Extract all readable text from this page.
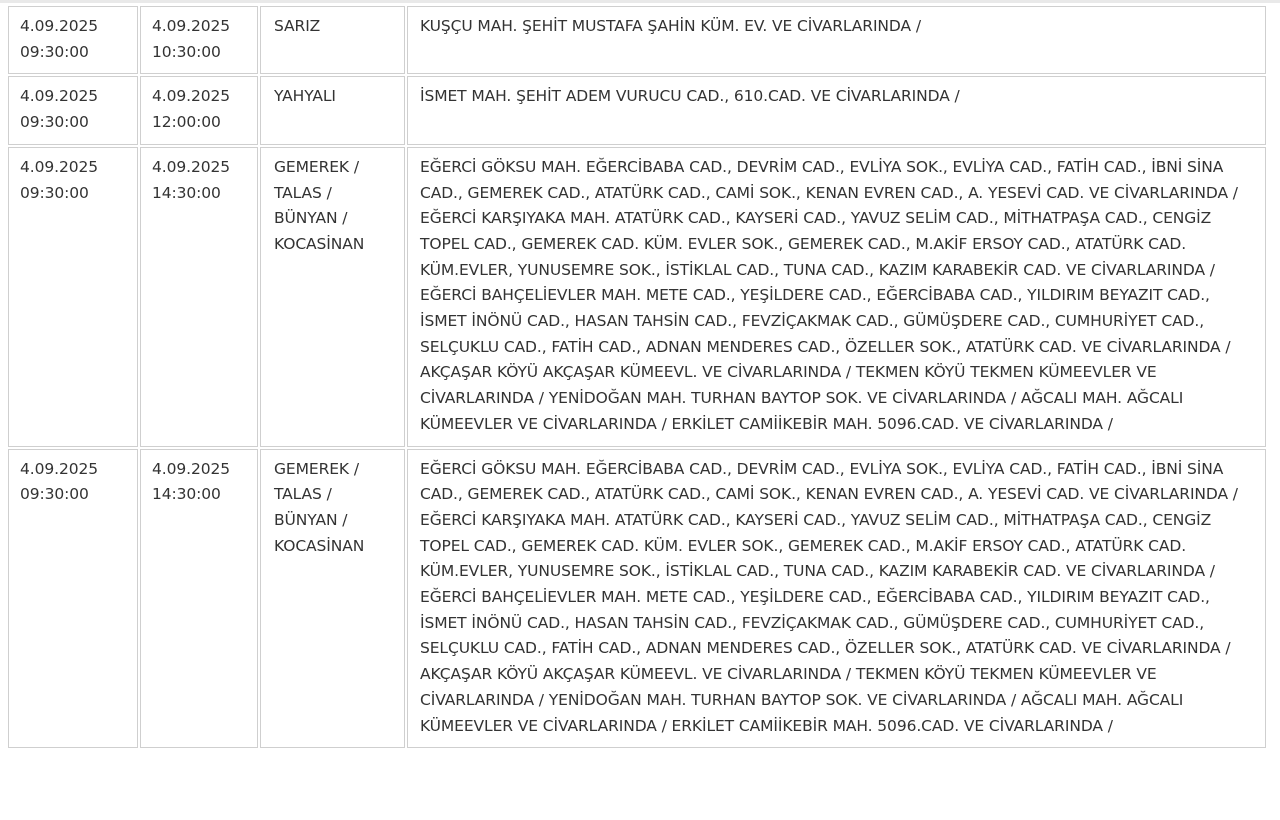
4.09.2025
09:30:00	4.09.2025
10:30:00	SARIZ	KUŞÇU MAH. ŞEHİT MUSTAFA ŞAHİN KÜM. EV. VE CİVARLARINDA /

4.09.2025
09:30:00	4.09.2025
12:00:00	YAHYALI	İSMET MAH. ŞEHİT ADEM VURUCU CAD., 610.CAD. VE CİVARLARINDA /

4.09.2025
09:30:00	4.09.2025
14:30:00	GEMEREK / TALAS / BÜNYAN / KOCASİNAN	EĞERCİ GÖKSU MAH. EĞERCİBABA CAD., DEVRİM CAD., EVLİYA SOK., EVLİYA CAD., FATİH CAD., İBNİ SİNA CAD., GEMEREK CAD., ATATÜRK CAD., CAMİ SOK., KENAN EVREN CAD., A. YESEVİ CAD. VE CİVARLARINDA / EĞERCİ KARŞIYAKA MAH. ATATÜRK CAD., KAYSERİ CAD., YAVUZ SELİM CAD., MİTHATPAŞA CAD., CENGİZ TOPEL CAD., GEMEREK CAD. KÜM. EVLER SOK., GEMEREK CAD., M.AKİF ERSOY CAD., ATATÜRK CAD. KÜM.EVLER, YUNUSEMRE SOK., İSTİKLAL CAD., TUNA CAD., KAZIM KARABEKİR CAD. VE CİVARLARINDA / EĞERCİ BAHÇELİEVLER MAH. METE CAD., YEŞİLDERE CAD., EĞERCİBABA CAD., YILDIRIM BEYAZIT CAD., İSMET İNÖNÜ CAD., HASAN TAHSİN CAD., FEVZİÇAKMAK CAD., GÜMÜŞDERE CAD., CUMHURİYET CAD., SELÇUKLU CAD., FATİH CAD., ADNAN MENDERES CAD., ÖZELLER SOK., ATATÜRK CAD. VE CİVARLARINDA / AKÇAŞAR KÖYÜ AKÇAŞAR KÜMEEVL. VE CİVARLARINDA / TEKMEN KÖYÜ TEKMEN KÜMEEVLER VE CİVARLARINDA / YENİDOĞAN MAH. TURHAN BAYTOP SOK. VE CİVARLARINDA / AĞCALI MAH. AĞCALI KÜMEEVLER VE CİVARLARINDA / ERKİLET CAMİİKEBİR MAH. 5096.CAD. VE CİVARLARINDA /

4.09.2025
09:30:00	4.09.2025
14:30:00	GEMEREK / TALAS / BÜNYAN / KOCASİNAN	EĞERCİ GÖKSU MAH. EĞERCİBABA CAD., DEVRİM CAD., EVLİYA SOK., EVLİYA CAD., FATİH CAD., İBNİ SİNA CAD., GEMEREK CAD., ATATÜRK CAD., CAMİ SOK., KENAN EVREN CAD., A. YESEVİ CAD. VE CİVARLARINDA / EĞERCİ KARŞIYAKA MAH. ATATÜRK CAD., KAYSERİ CAD., YAVUZ SELİM CAD., MİTHATPAŞA CAD., CENGİZ TOPEL CAD., GEMEREK CAD. KÜM. EVLER SOK., GEMEREK CAD., M.AKİF ERSOY CAD., ATATÜRK CAD. KÜM.EVLER, YUNUSEMRE SOK., İSTİKLAL CAD., TUNA CAD., KAZIM KARABEKİR CAD. VE CİVARLARINDA / EĞERCİ BAHÇELİEVLER MAH. METE CAD., YEŞİLDERE CAD., EĞERCİBABA CAD., YILDIRIM BEYAZIT CAD., İSMET İNÖNÜ CAD., HASAN TAHSİN CAD., FEVZİÇAKMAK CAD., GÜMÜŞDERE CAD., CUMHURİYET CAD., SELÇUKLU CAD., FATİH CAD., ADNAN MENDERES CAD., ÖZELLER SOK., ATATÜRK CAD. VE CİVARLARINDA / AKÇAŞAR KÖYÜ AKÇAŞAR KÜMEEVL. VE CİVARLARINDA / TEKMEN KÖYÜ TEKMEN KÜMEEVLER VE CİVARLARINDA / YENİDOĞAN MAH. TURHAN BAYTOP SOK. VE CİVARLARINDA / AĞCALI MAH. AĞCALI KÜMEEVLER VE CİVARLARINDA / ERKİLET CAMİİKEBİR MAH. 5096.CAD. VE CİVARLARINDA /
